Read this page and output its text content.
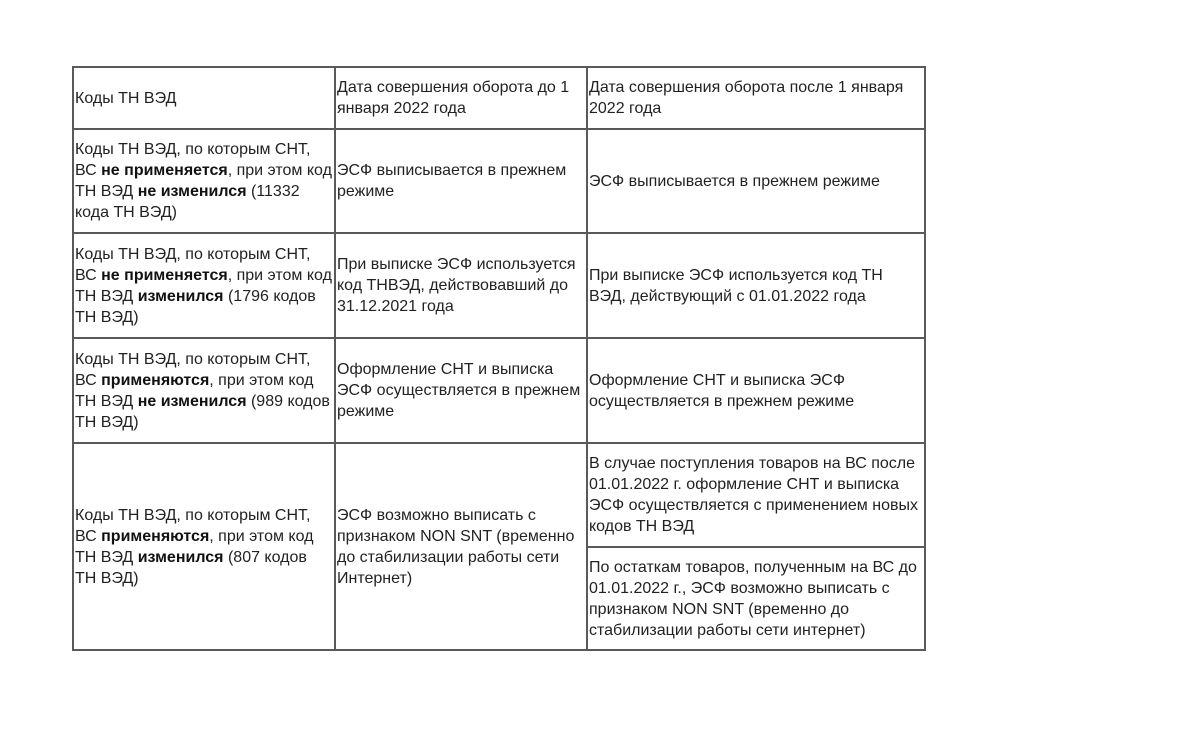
Коды ТН ВЭД	Дата совершения оборота до 1 января 2022 года	Дата совершения оборота после 1 января 2022 года
Коды ТН ВЭД, по которым СНТ, ВС не применяется, при этом код ТН ВЭД не изменился (11332 кода ТН ВЭД)	ЭСФ выписывается в прежнем режиме	ЭСФ выписывается в прежнем режиме
Коды ТН ВЭД, по которым СНТ, ВС не применяется, при этом код ТН ВЭД изменился (1796 кодов ТН ВЭД)	При выписке ЭСФ используется код ТНВЭД, действовавший до 31.12.2021 года	При выписке ЭСФ используется код ТН ВЭД, действующий с 01.01.2022 года
Коды ТН ВЭД, по которым СНТ, ВС применяются, при этом код ТН ВЭД не изменился (989 кодов ТН ВЭД)	Оформление СНТ и выписка ЭСФ осуществляется в прежнем режиме	Оформление СНТ и выписка ЭСФ осуществляется в прежнем режиме
Коды ТН ВЭД, по которым СНТ, ВС применяются, при этом код ТН ВЭД изменился (807 кодов ТН ВЭД)	ЭСФ возможно выписать с признаком NON SNT (временно до стабилизации работы сети Интернет)	В случае поступления товаров на ВС после 01.01.2022 г. оформление СНТ и выписка ЭСФ осуществляется с применением новых кодов ТН ВЭД
		По остаткам товаров, полученным на ВС до 01.01.2022 г., ЭСФ возможно выписать с признаком NON SNT (временно до стабилизации работы сети интернет)
